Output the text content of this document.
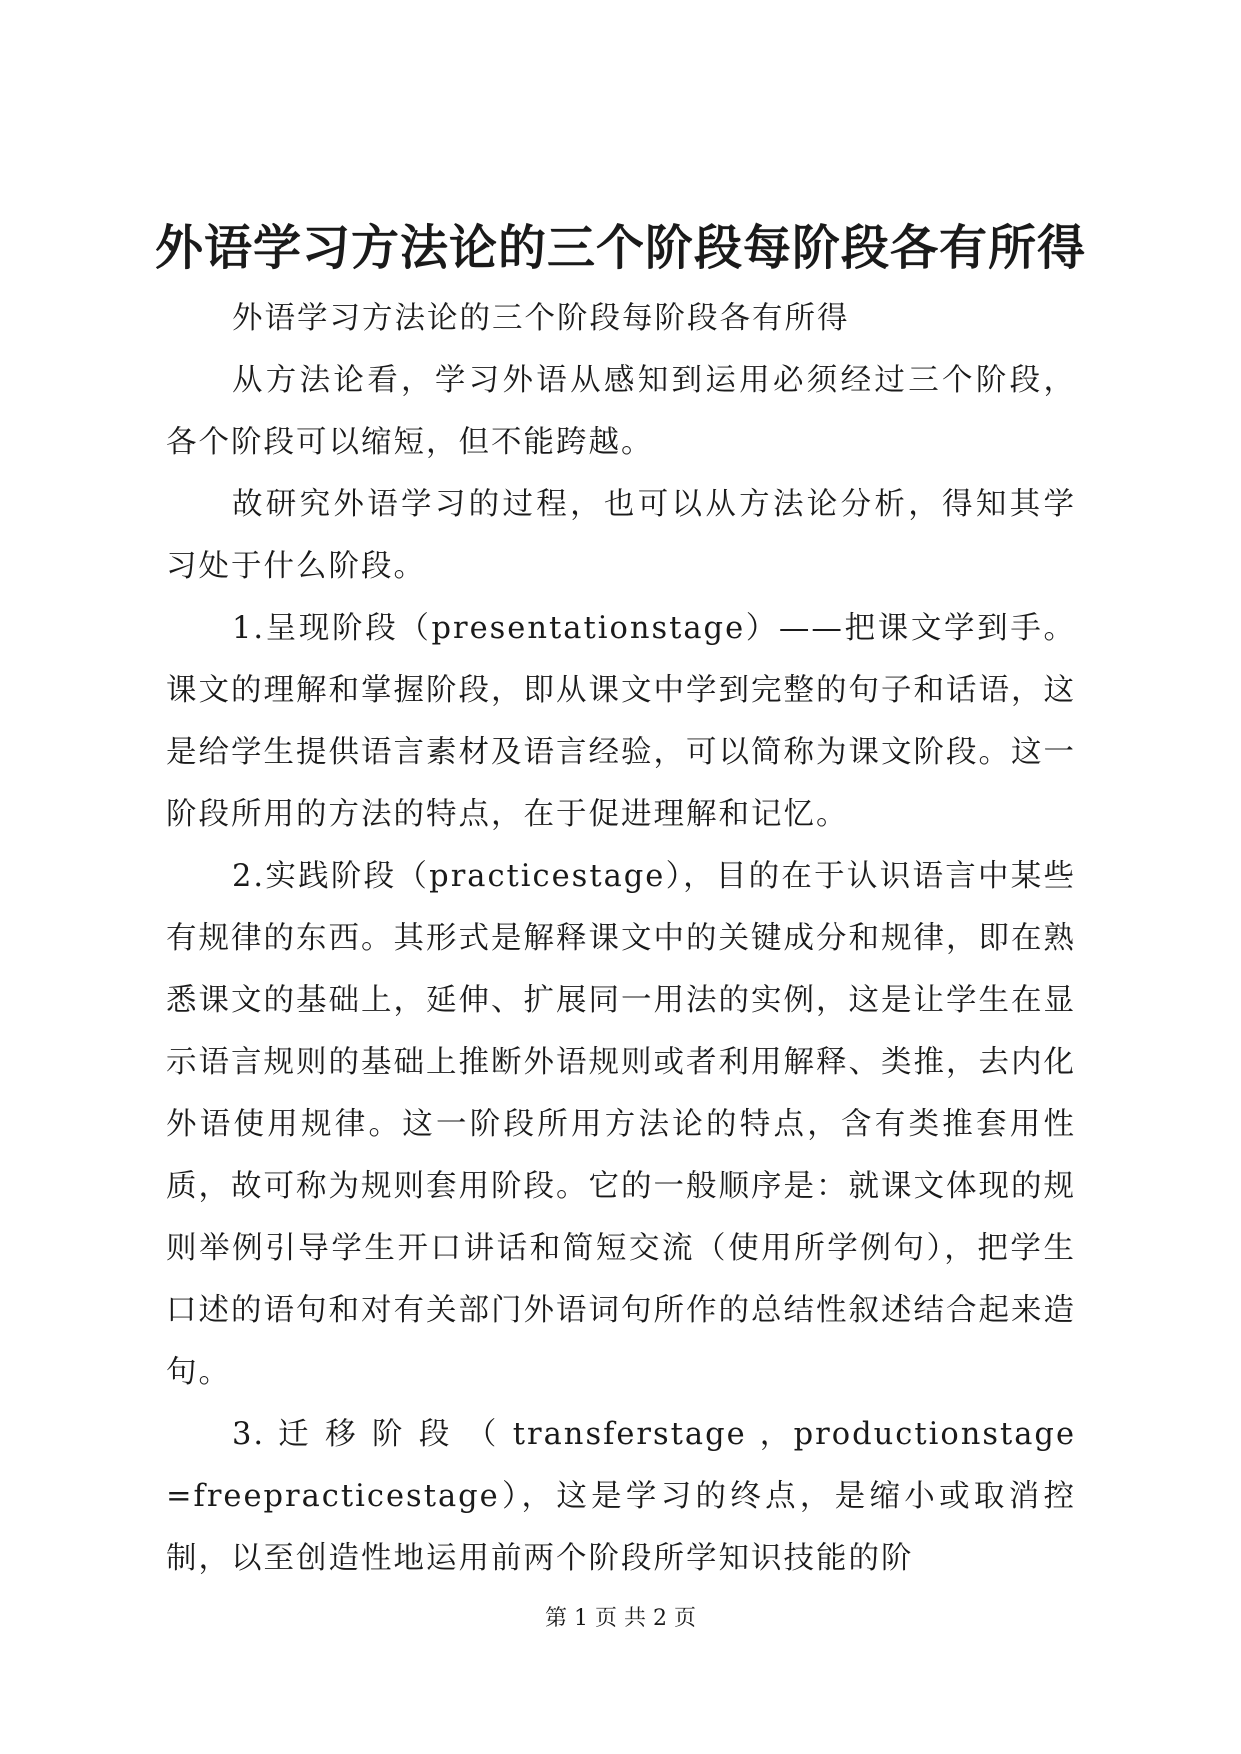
外语学习方法论的三个阶段每阶段各有所得

外语学习方法论的三个阶段每阶段各有所得

从方法论看，学习外语从感知到运用必须经过三个阶段，各个阶段可以缩短，但不能跨越。

故研究外语学习的过程，也可以从方法论分析，得知其学习处于什么阶段。

1.呈现阶段（presentationstage）——把课文学到手。课文的理解和掌握阶段，即从课文中学到完整的句子和话语，这是给学生提供语言素材及语言经验，可以简称为课文阶段。这一阶段所用的方法的特点，在于促进理解和记忆。

2.实践阶段（practicestage），目的在于认识语言中某些有规律的东西。其形式是解释课文中的关键成分和规律，即在熟悉课文的基础上，延伸、扩展同一用法的实例，这是让学生在显示语言规则的基础上推断外语规则或者利用解释、类推，去内化外语使用规律。这一阶段所用方法论的特点，含有类推套用性质，故可称为规则套用阶段。它的一般顺序是：就课文体现的规则举例引导学生开口讲话和简短交流（使用所学例句），把学生口述的语句和对有关部门外语词句所作的总结性叙述结合起来造句。

3. 迁 移 阶 段 （ transferstage ，productionstage=freepracticestage），这是学习的终点，是缩小或取消控制，以至创造性地运用前两个阶段所学知识技能的阶

第 1 页 共 2 页
